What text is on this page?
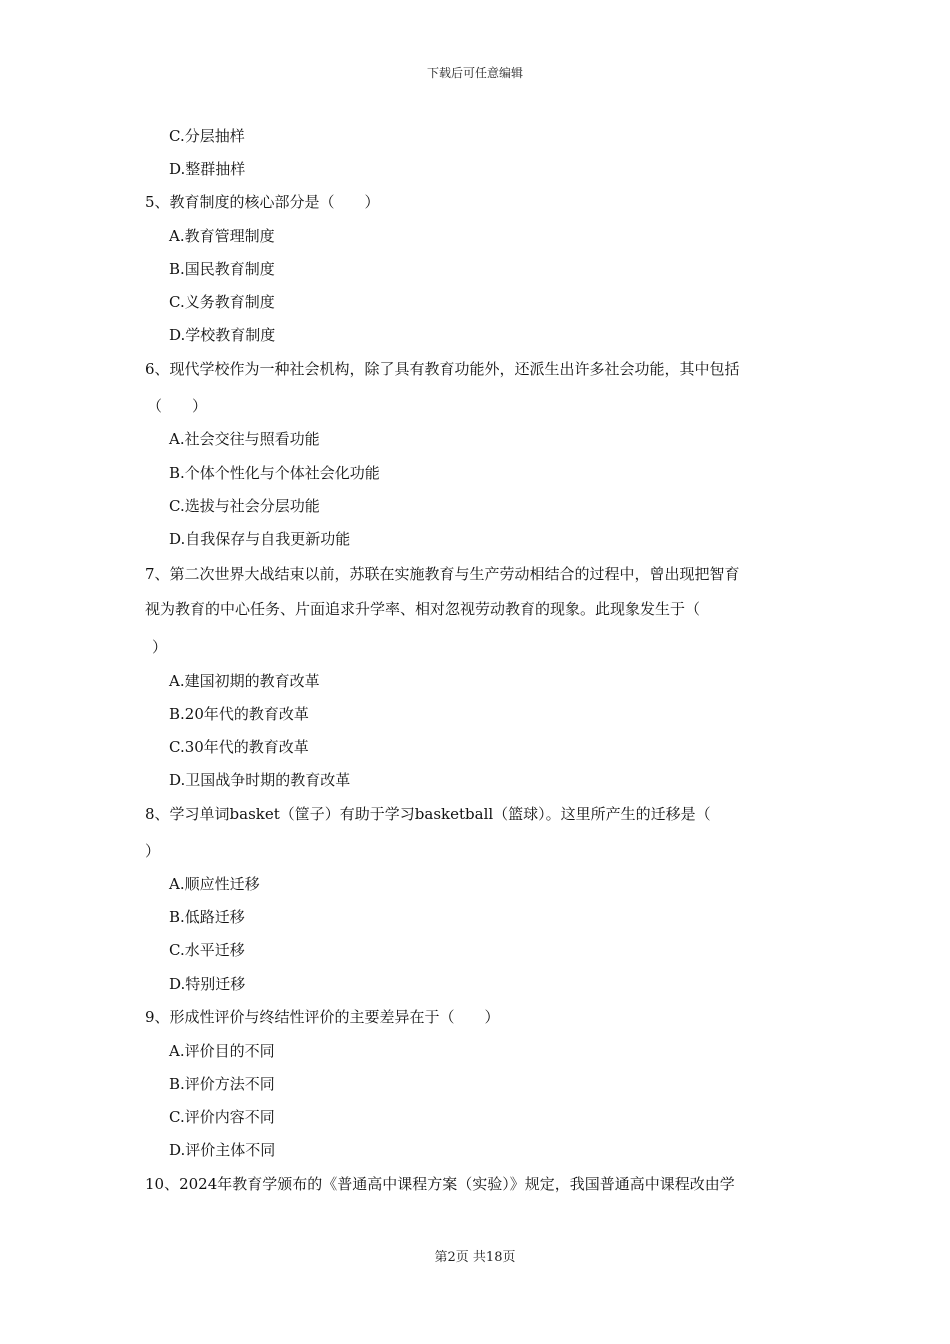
下载后可任意编辑
C.分层抽样
D.整群抽样
5、教育制度的核心部分是（　　）
A.教育管理制度
B.国民教育制度
C.义务教育制度
D.学校教育制度
6、现代学校作为一种社会机构，除了具有教育功能外，还派生出许多社会功能，其中包括
（　　）
A.社会交往与照看功能
B.个体个性化与个体社会化功能
C.选拔与社会分层功能
D.自我保存与自我更新功能
7、第二次世界大战结束以前，苏联在实施教育与生产劳动相结合的过程中，曾出现把智育
视为教育的中心任务、片面追求升学率、相对忽视劳动教育的现象。此现象发生于（
）
A.建国初期的教育改革
B.20年代的教育改革
C.30年代的教育改革
D.卫国战争时期的教育改革
8、学习单词basket（筐子）有助于学习basketball（篮球）。这里所产生的迁移是（
）
A.顺应性迁移
B.低路迁移
C.水平迁移
D.特别迁移
9、形成性评价与终结性评价的主要差异在于（　　）
A.评价目的不同
B.评价方法不同
C.评价内容不同
D.评价主体不同
10、2024年教育学颁布的《普通高中课程方案（实验）》规定，我国普通高中课程改由学
第2页 共18页
